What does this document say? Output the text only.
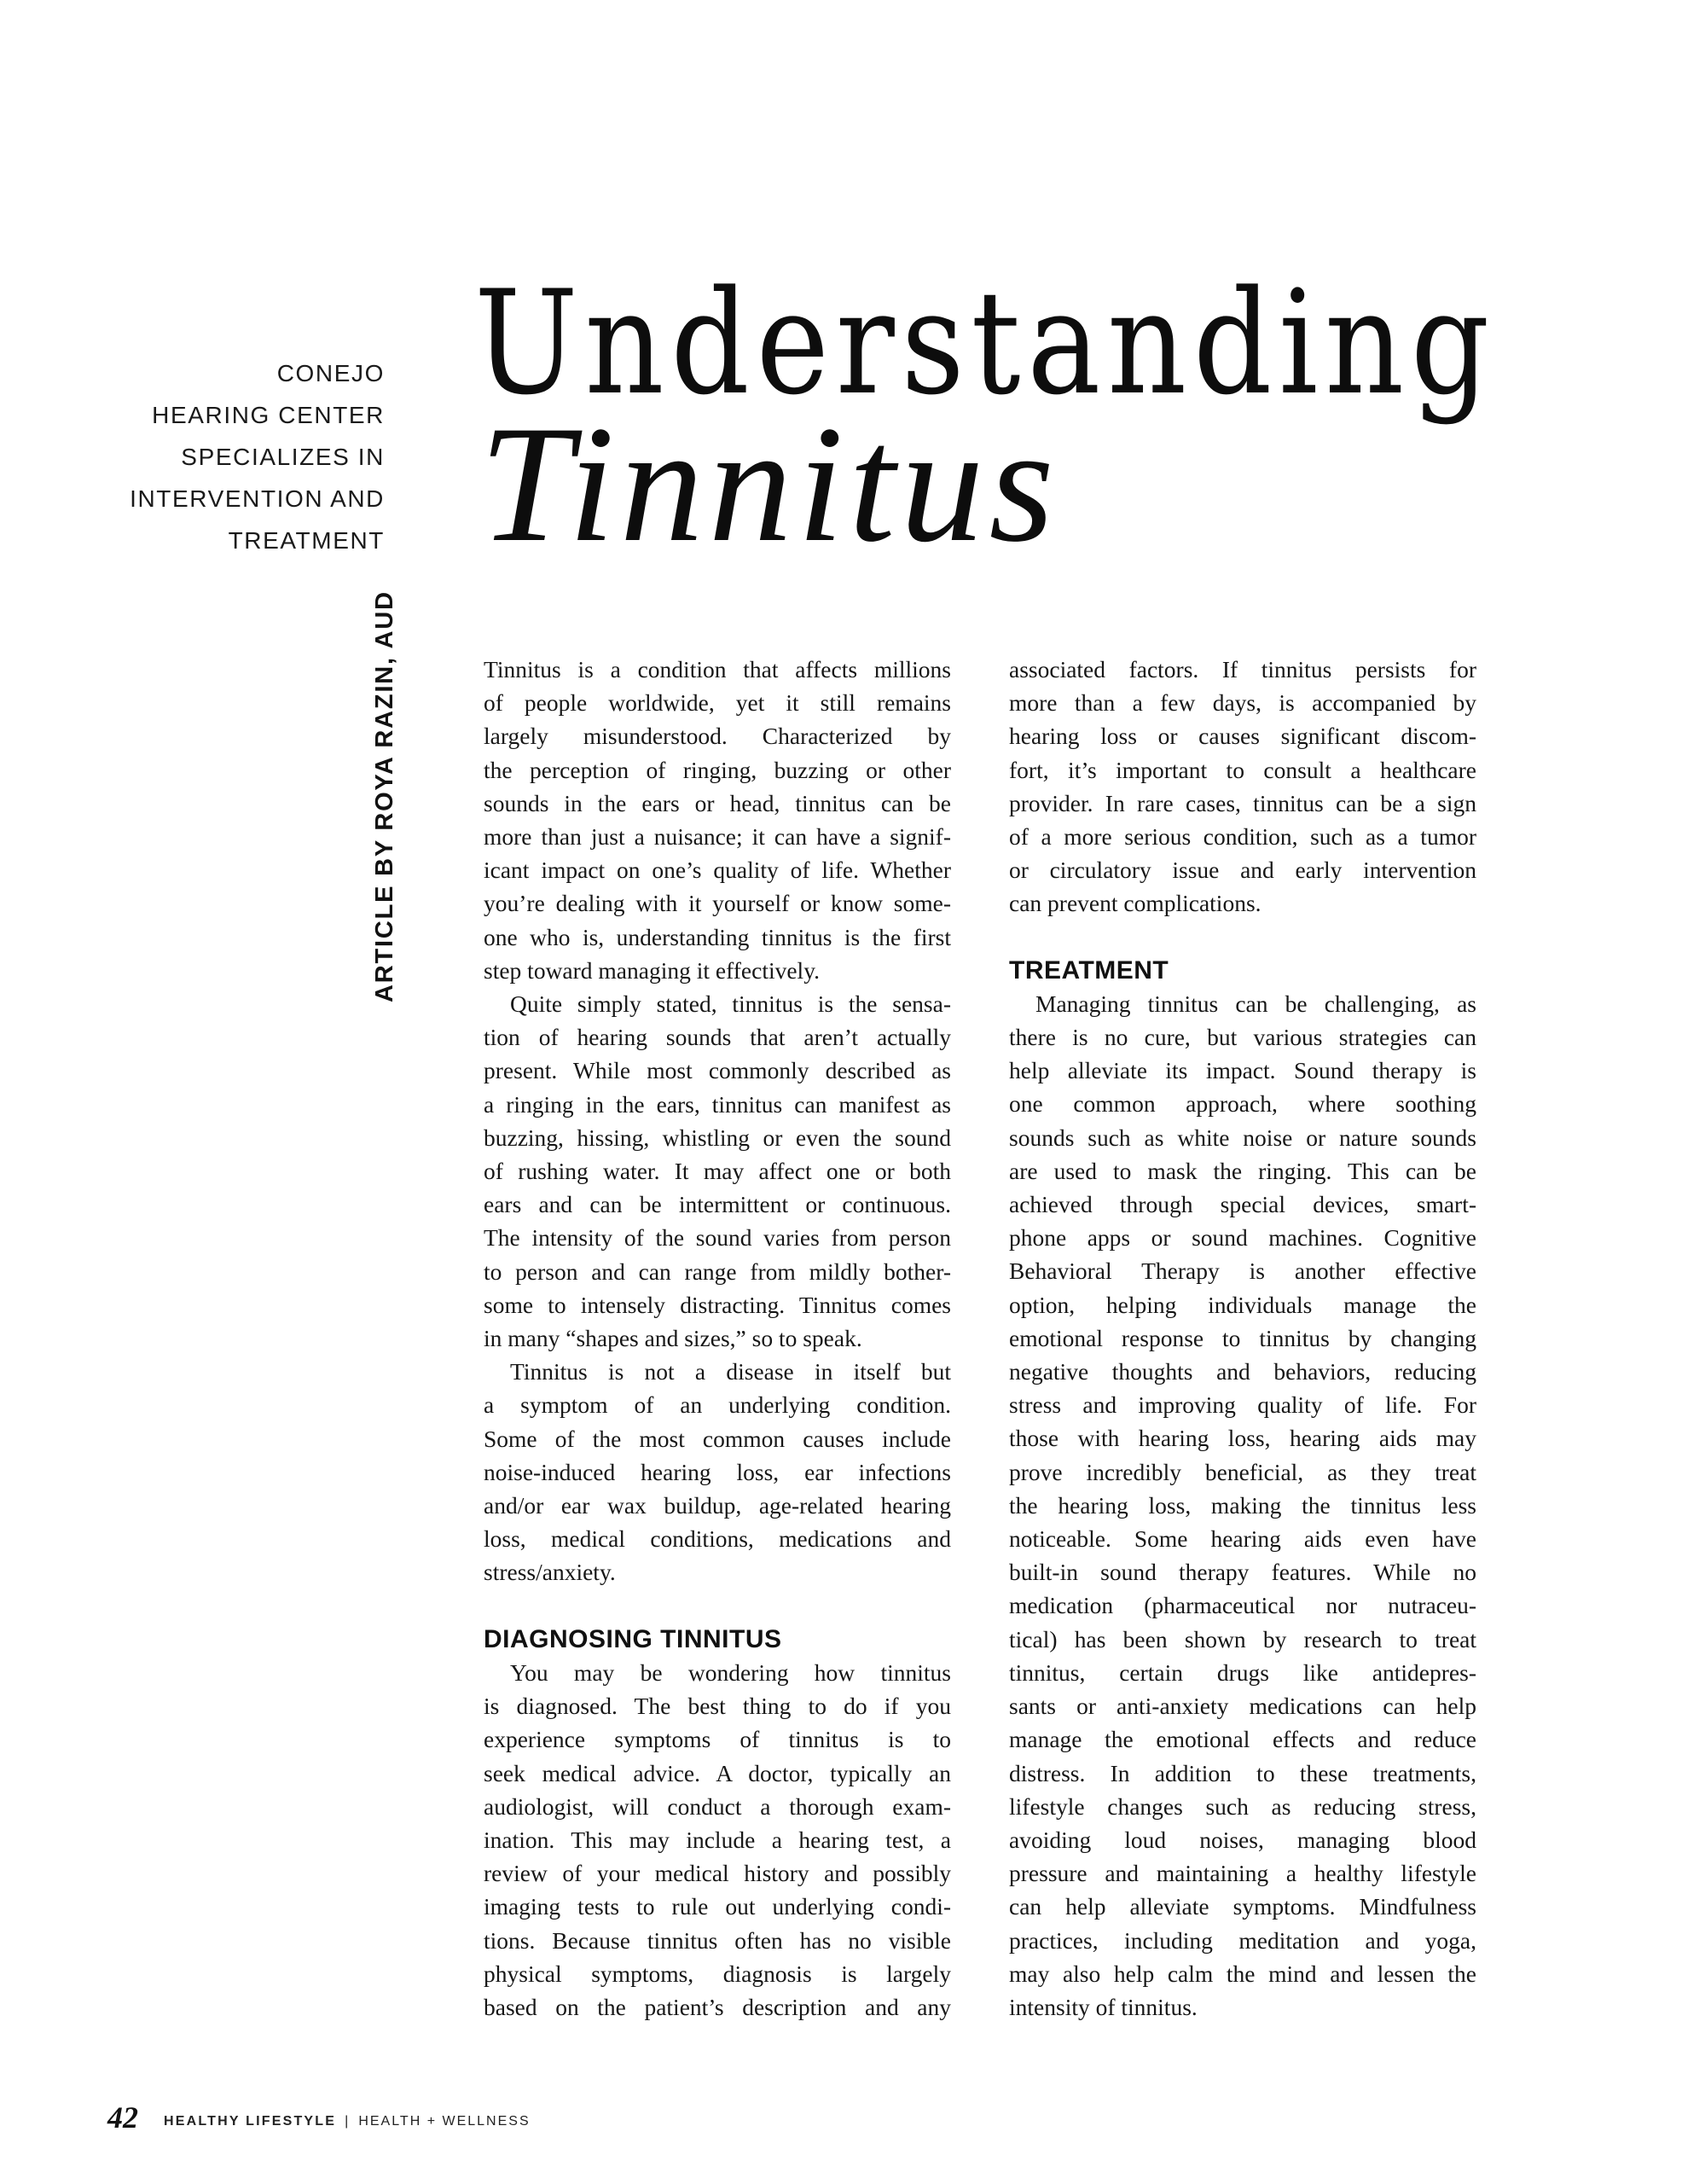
CONEJO
HEARING CENTER
SPECIALIZES IN
INTERVENTION AND
TREATMENT
Understanding
Tinnitus
ARTICLE BY ROYA RAZIN, AUD	Tinnitus is a condition that affects millions
of people worldwide, yet it still remains
largely misunderstood. Characterized by
the perception of ringing, buzzing or other
sounds in the ears or head, tinnitus can be
more than just a nuisance; it can have a signif-
icant impact on one’s quality of life. Whether
you’re dealing with it yourself or know some-
one who is, understanding tinnitus is the first
step toward managing it effectively.
Quite simply stated, tinnitus is the sensa-
tion of hearing sounds that aren’t actually
present. While most commonly described as
a ringing in the ears, tinnitus can manifest as
buzzing, hissing, whistling or even the sound
of rushing water. It may affect one or both
ears and can be intermittent or continuous.
The intensity of the sound varies from person
to person and can range from mildly bother-
some to intensely distracting. Tinnitus comes
in many “shapes and sizes,” so to speak.
Tinnitus is not a disease in itself but
a symptom of an underlying condition.
Some of the most common causes include
noise-induced hearing loss, ear infections
and/or ear wax buildup, age-related hearing
loss, medical conditions, medications and
stress/anxiety.
DIAGNOSING TINNITUS
You may be wondering how tinnitus
is diagnosed. The best thing to do if you
experience symptoms of tinnitus is to
seek medical advice. A doctor, typically an
audiologist, will conduct a thorough exam-
ination. This may include a hearing test, a
review of your medical history and possibly
imaging tests to rule out underlying condi-
tions. Because tinnitus often has no visible
physical symptoms, diagnosis is largely
based on the patient’s description and any
associated factors. If tinnitus persists for
more than a few days, is accompanied by
hearing loss or causes significant discom-
fort, it’s important to consult a healthcare
provider. In rare cases, tinnitus can be a sign
of a more serious condition, such as a tumor
or circulatory issue and early intervention
can prevent complications.
TREATMENT
Managing tinnitus can be challenging, as
there is no cure, but various strategies can
help alleviate its impact. Sound therapy is
one common approach, where soothing
sounds such as white noise or nature sounds
are used to mask the ringing. This can be
achieved through special devices, smart-
phone apps or sound machines. Cognitive
Behavioral Therapy is another effective
option, helping individuals manage the
emotional response to tinnitus by changing
negative thoughts and behaviors, reducing
stress and improving quality of life. For
those with hearing loss, hearing aids may
prove incredibly beneficial, as they treat
the hearing loss, making the tinnitus less
noticeable. Some hearing aids even have
built-in sound therapy features. While no
medication (pharmaceutical nor nutraceu-
tical) has been shown by research to treat
tinnitus, certain drugs like antidepres-
sants or anti-anxiety medications can help
manage the emotional effects and reduce
distress. In addition to these treatments,
lifestyle changes such as reducing stress,
avoiding loud noises, managing blood
pressure and maintaining a healthy lifestyle
can help alleviate symptoms. Mindfulness
practices, including meditation and yoga,
may also help calm the mind and lessen the
intensity of tinnitus.
42 HEALTHY LIFESTYLE | HEALTH + WELLNESS
